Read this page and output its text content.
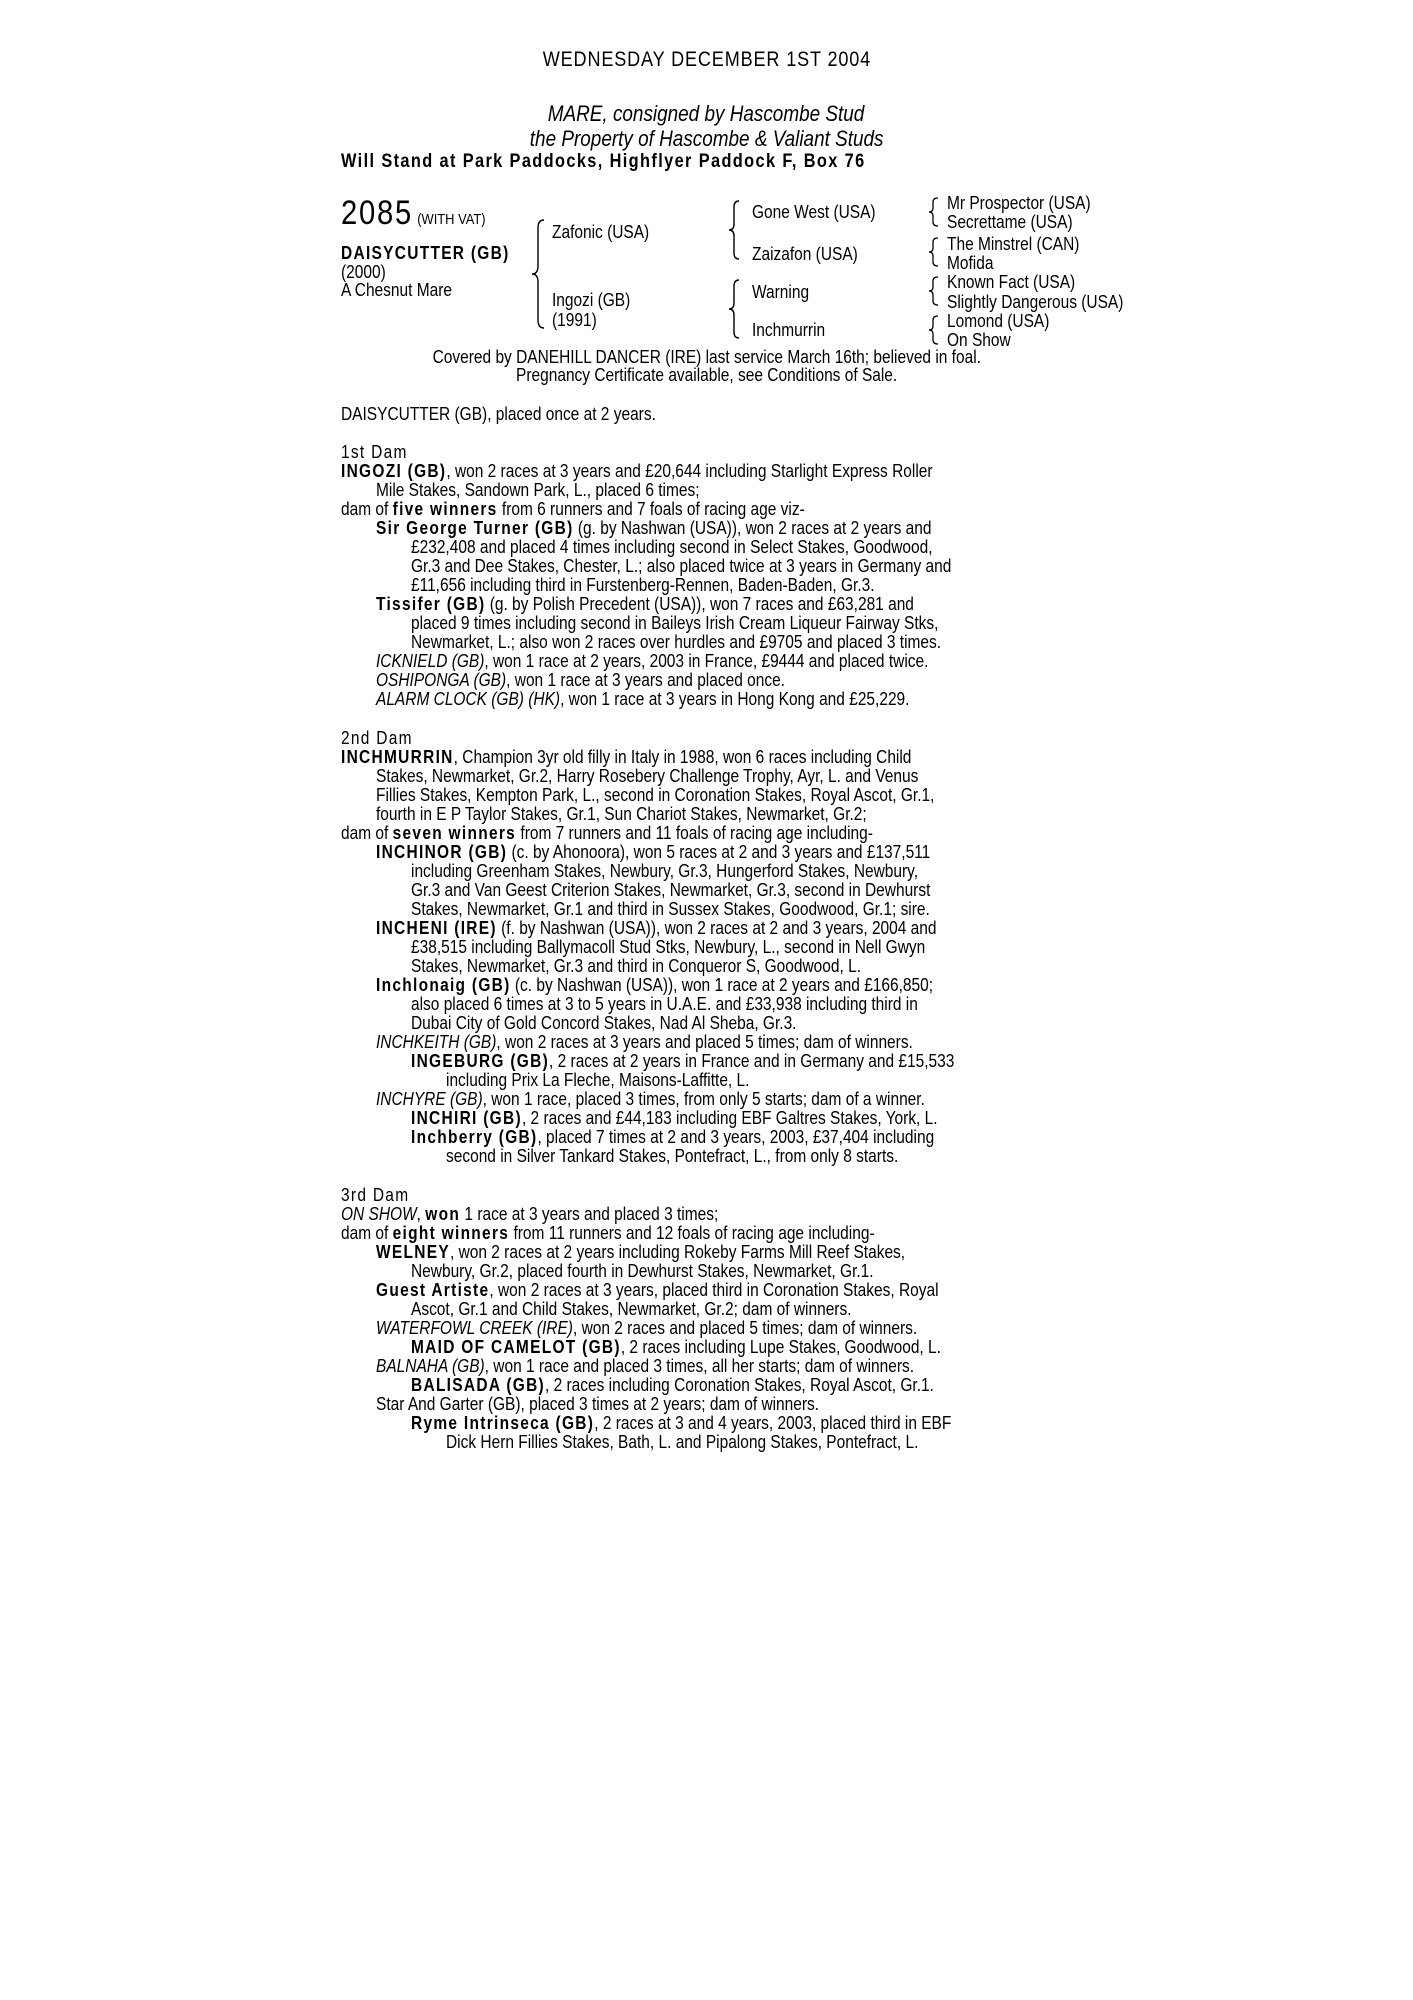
WEDNESDAY DECEMBER 1ST 2004
MARE, consigned by Hascombe Stud
the Property of Hascombe & Valiant Studs
Will Stand at Park Paddocks, Highflyer Paddock F, Box 76
2085 (WITH VAT)
DAISYCUTTER (GB)
(2000)
A Chesnut Mare
Zafonic (USA)
Ingozi (GB)
(1991)
Gone West (USA)
Zaizafon (USA)
Warning
Inchmurrin
Mr Prospector (USA)
Secrettame (USA)
The Minstrel (CAN)
Mofida
Known Fact (USA)
Slightly Dangerous (USA)
Lomond (USA)
On Show
Covered by DANEHILL DANCER (IRE) last service March 16th; believed in foal.
Pregnancy Certificate available, see Conditions of Sale.
DAISYCUTTER (GB), placed once at 2 years.
1st Dam
INGOZI (GB), won 2 races at 3 years and £20,644 including Starlight Express Roller
Mile Stakes, Sandown Park, L., placed 6 times;
dam of five winners from 6 runners and 7 foals of racing age viz-
Sir George Turner (GB) (g. by Nashwan (USA)), won 2 races at 2 years and
£232,408 and placed 4 times including second in Select Stakes, Goodwood,
Gr.3 and Dee Stakes, Chester, L.; also placed twice at 3 years in Germany and
£11,656 including third in Furstenberg-Rennen, Baden-Baden, Gr.3.
Tissifer (GB) (g. by Polish Precedent (USA)), won 7 races and £63,281 and
placed 9 times including second in Baileys Irish Cream Liqueur Fairway Stks,
Newmarket, L.; also won 2 races over hurdles and £9705 and placed 3 times.
ICKNIELD (GB), won 1 race at 2 years, 2003 in France, £9444 and placed twice.
OSHIPONGA (GB), won 1 race at 3 years and placed once.
ALARM CLOCK (GB) (HK), won 1 race at 3 years in Hong Kong and £25,229.
2nd Dam
INCHMURRIN, Champion 3yr old filly in Italy in 1988, won 6 races including Child
Stakes, Newmarket, Gr.2, Harry Rosebery Challenge Trophy, Ayr, L. and Venus
Fillies Stakes, Kempton Park, L., second in Coronation Stakes, Royal Ascot, Gr.1,
fourth in E P Taylor Stakes, Gr.1, Sun Chariot Stakes, Newmarket, Gr.2;
dam of seven winners from 7 runners and 11 foals of racing age including-
INCHINOR (GB) (c. by Ahonoora), won 5 races at 2 and 3 years and £137,511
including Greenham Stakes, Newbury, Gr.3, Hungerford Stakes, Newbury,
Gr.3 and Van Geest Criterion Stakes, Newmarket, Gr.3, second in Dewhurst
Stakes, Newmarket, Gr.1 and third in Sussex Stakes, Goodwood, Gr.1; sire.
INCHENI (IRE) (f. by Nashwan (USA)), won 2 races at 2 and 3 years, 2004 and
£38,515 including Ballymacoll Stud Stks, Newbury, L., second in Nell Gwyn
Stakes, Newmarket, Gr.3 and third in Conqueror S, Goodwood, L.
Inchlonaig (GB) (c. by Nashwan (USA)), won 1 race at 2 years and £166,850;
also placed 6 times at 3 to 5 years in U.A.E. and £33,938 including third in
Dubai City of Gold Concord Stakes, Nad Al Sheba, Gr.3.
INCHKEITH (GB), won 2 races at 3 years and placed 5 times; dam of winners.
INGEBURG (GB), 2 races at 2 years in France and in Germany and £15,533
including Prix La Fleche, Maisons-Laffitte, L.
INCHYRE (GB), won 1 race, placed 3 times, from only 5 starts; dam of a winner.
INCHIRI (GB), 2 races and £44,183 including EBF Galtres Stakes, York, L.
Inchberry (GB), placed 7 times at 2 and 3 years, 2003, £37,404 including
second in Silver Tankard Stakes, Pontefract, L., from only 8 starts.
3rd Dam
ON SHOW, won 1 race at 3 years and placed 3 times;
dam of eight winners from 11 runners and 12 foals of racing age including-
WELNEY, won 2 races at 2 years including Rokeby Farms Mill Reef Stakes,
Newbury, Gr.2, placed fourth in Dewhurst Stakes, Newmarket, Gr.1.
Guest Artiste, won 2 races at 3 years, placed third in Coronation Stakes, Royal
Ascot, Gr.1 and Child Stakes, Newmarket, Gr.2; dam of winners.
WATERFOWL CREEK (IRE), won 2 races and placed 5 times; dam of winners.
MAID OF CAMELOT (GB), 2 races including Lupe Stakes, Goodwood, L.
BALNAHA (GB), won 1 race and placed 3 times, all her starts; dam of winners.
BALISADA (GB), 2 races including Coronation Stakes, Royal Ascot, Gr.1.
Star And Garter (GB), placed 3 times at 2 years; dam of winners.
Ryme Intrinseca (GB), 2 races at 3 and 4 years, 2003, placed third in EBF
Dick Hern Fillies Stakes, Bath, L. and Pipalong Stakes, Pontefract, L.
